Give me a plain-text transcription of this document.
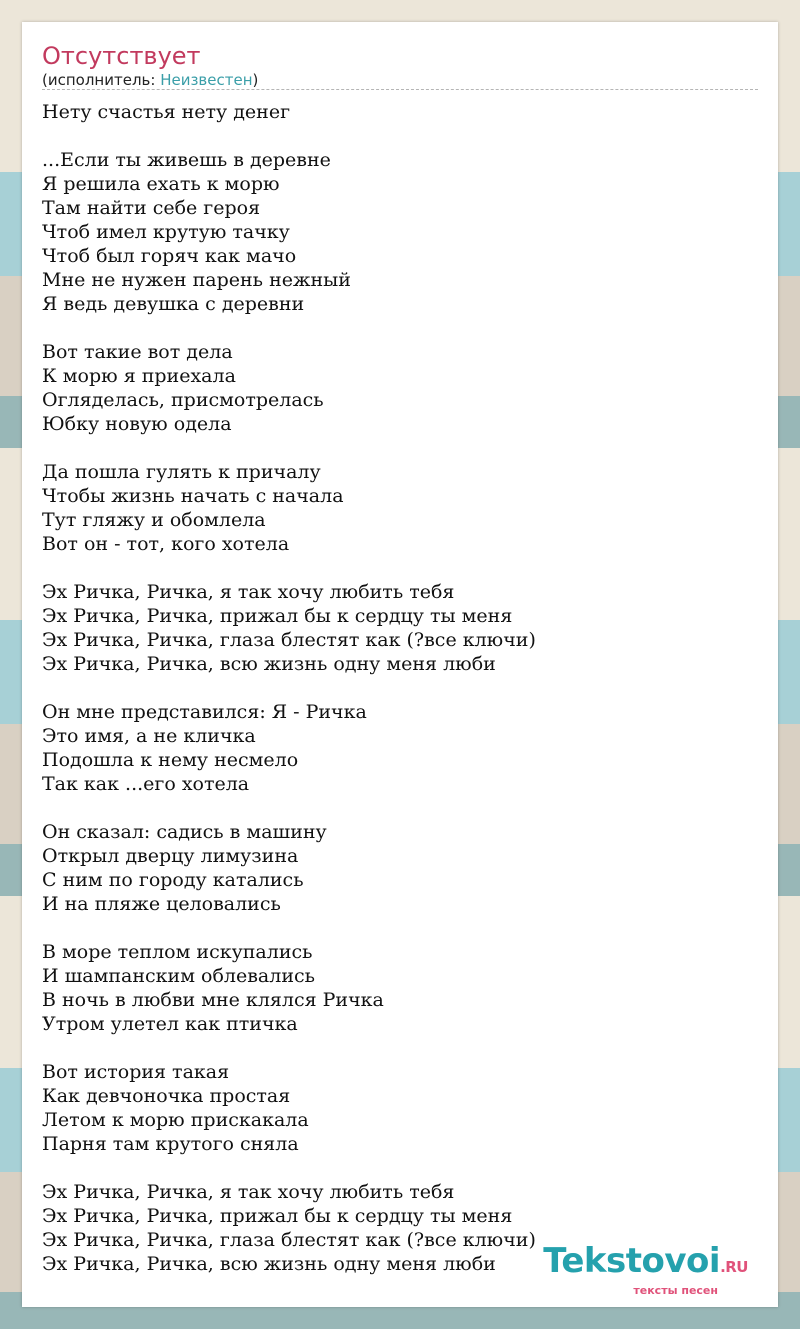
Отсутствует
(исполнитель: Неизвестен)
Нету счастья нету денег
...Если ты живешь в деревне
Я решила ехать к морю
Там найти себе героя
Чтоб имел крутую тачку
Чтоб был горяч как мачо
Мне не нужен парень нежный
Я ведь девушка с деревни
Вот такие вот дела
К морю я приехала
Огляделась, присмотрелась
Юбку новую одела
Да пошла гулять к причалу
Чтобы жизнь начать с начала
Тут гляжу и обомлела
Вот он - тот, кого хотела
Эх Ричка, Ричка, я так хочу любить тебя
Эх Ричка, Ричка, прижал бы к сердцу ты меня
Эх Ричка, Ричка, глаза блестят как (?все ключи)
Эх Ричка, Ричка, всю жизнь одну меня люби
Он мне представился: Я - Ричка
Это имя, а не кличка
Подошла к нему несмело
Так как ...его хотела
Он сказал: садись в машину
Открыл дверцу лимузина
С ним по городу катались
И на пляже целовались
В море теплом искупались
И шампанским облевались
В ночь в любви мне клялся Ричка
Утром улетел как птичка
Вот история такая
Как девчоночка простая
Летом к морю прискакала
Парня там крутого сняла
Эх Ричка, Ричка, я так хочу любить тебя
Эх Ричка, Ричка, прижал бы к сердцу ты меня
Эх Ричка, Ричка, глаза блестят как (?все ключи)
Эх Ричка, Ричка, всю жизнь одну меня люби	Tekstovoi.RU
тексты песен
